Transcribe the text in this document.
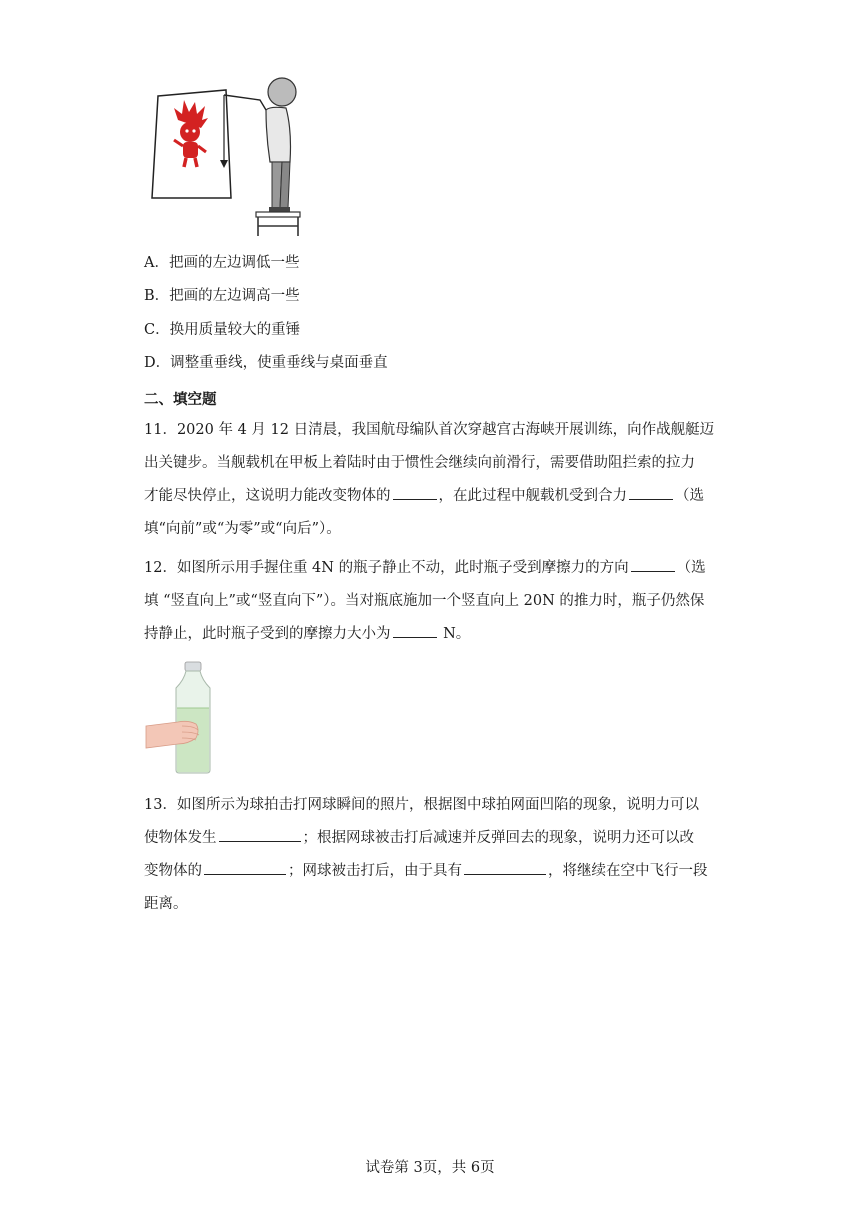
A．把画的左边调低一些
B．把画的左边调高一些
C．换用质量较大的重锤
D．调整重垂线，使重垂线与桌面垂直
二、填空题
11．2020 年 4 月 12 日清晨，我国航母编队首次穿越宫古海峡开展训练，向作战舰艇迈
出关键步。当舰载机在甲板上着陆时由于惯性会继续向前滑行，需要借助阻拦索的拉力
才能尽快停止，这说明力能改变物体的	，在此过程中舰载机受到合力	（选
填“向前”或“为零”或“向后”）。
12．如图所示用手握住重 4N 的瓶子静止不动，此时瓶子受到摩擦力的方向	（选
填 “竖直向上”或“竖直向下”）。当对瓶底施加一个竖直向上 20N 的推力时，瓶子仍然保
持静止，此时瓶子受到的摩擦力大小为	N。
13．如图所示为球拍击打网球瞬间的照片，根据图中球拍网面凹陷的现象，说明力可以
使物体发生	；根据网球被击打后减速并反弹回去的现象，说明力还可以改
变物体的	；网球被击打后，由于具有	，将继续在空中飞行一段
距离。
试卷第 3页，共 6页
